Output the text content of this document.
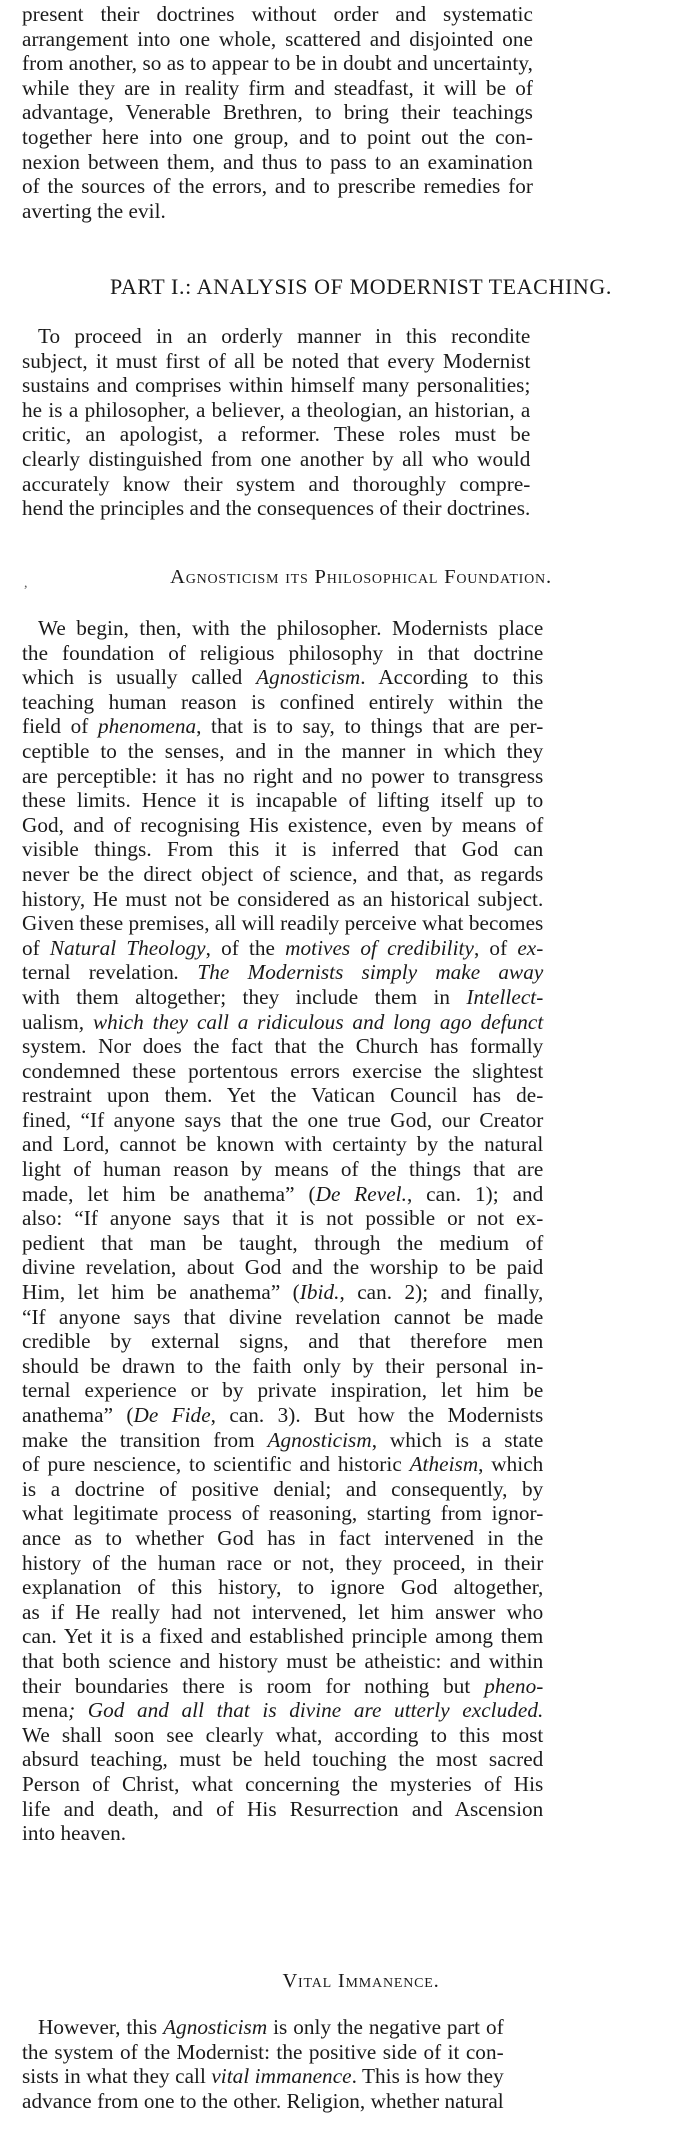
present their doctrines without order and systematic
arrangement into one whole, scattered and disjointed one
from another, so as to appear to be in doubt and uncertainty,
while they are in reality firm and steadfast, it will be of
advantage, Venerable Brethren, to bring their teachings
together here into one group, and to point out the con-
nexion between them, and thus to pass to an examination
of the sources of the errors, and to prescribe remedies for
averting the evil.
PART I.: ANALYSIS OF MODERNIST TEACHING.
To proceed in an orderly manner in this recondite
subject, it must first of all be noted that every Modernist
sustains and comprises within himself many personalities;
he is a philosopher, a believer, a theologian, an historian, a
critic, an apologist, a reformer. These roles must be
clearly distinguished from one another by all who would
accurately know their system and thoroughly compre-
hend the principles and the consequences of their doctrines.
,	Agnosticism its Philosophical Foundation.
We begin, then, with the philosopher. Modernists place
the foundation of religious philosophy in that doctrine
which is usually called Agnosticism. According to this
teaching human reason is confined entirely within the
field of phenomena, that is to say, to things that are per-
ceptible to the senses, and in the manner in which they
are perceptible: it has no right and no power to transgress
these limits. Hence it is incapable of lifting itself up to
God, and of recognising His existence, even by means of
visible things. From this it is inferred that God can
never be the direct object of science, and that, as regards
history, He must not be considered as an historical subject.
Given these premises, all will readily perceive what becomes
of Natural Theology, of the motives of credibility, of ex-
ternal revelation. The Modernists simply make away
with them altogether; they include them in Intellect-
ualism, which they call a ridiculous and long ago defunct
system. Nor does the fact that the Church has formally
condemned these portentous errors exercise the slightest
restraint upon them. Yet the Vatican Council has de-
fined, “If anyone says that the one true God, our Creator
and Lord, cannot be known with certainty by the natural
light of human reason by means of the things that are
made, let him be anathema” (De Revel., can. 1); and
also: “If anyone says that it is not possible or not ex-
pedient that man be taught, through the medium of
divine revelation, about God and the worship to be paid
Him, let him be anathema” (Ibid., can. 2); and finally,
“If anyone says that divine revelation cannot be made
credible by external signs, and that therefore men
should be drawn to the faith only by their personal in-
ternal experience or by private inspiration, let him be
anathema” (De Fide, can. 3). But how the Modernists
make the transition from Agnosticism, which is a state
of pure nescience, to scientific and historic Atheism, which
is a doctrine of positive denial; and consequently, by
what legitimate process of reasoning, starting from ignor-
ance as to whether God has in fact intervened in the
history of the human race or not, they proceed, in their
explanation of this history, to ignore God altogether,
as if He really had not intervened, let him answer who
can. Yet it is a fixed and established principle among them
that both science and history must be atheistic: and within
their boundaries there is room for nothing but pheno-
mena; God and all that is divine are utterly excluded.
We shall soon see clearly what, according to this most
absurd teaching, must be held touching the most sacred
Person of Christ, what concerning the mysteries of His
life and death, and of His Resurrection and Ascension
into heaven.
Vital Immanence.
However, this Agnosticism is only the negative part of
the system of the Modernist: the positive side of it con-
sists in what they call vital immanence. This is how they
advance from one to the other. Religion, whether natural
